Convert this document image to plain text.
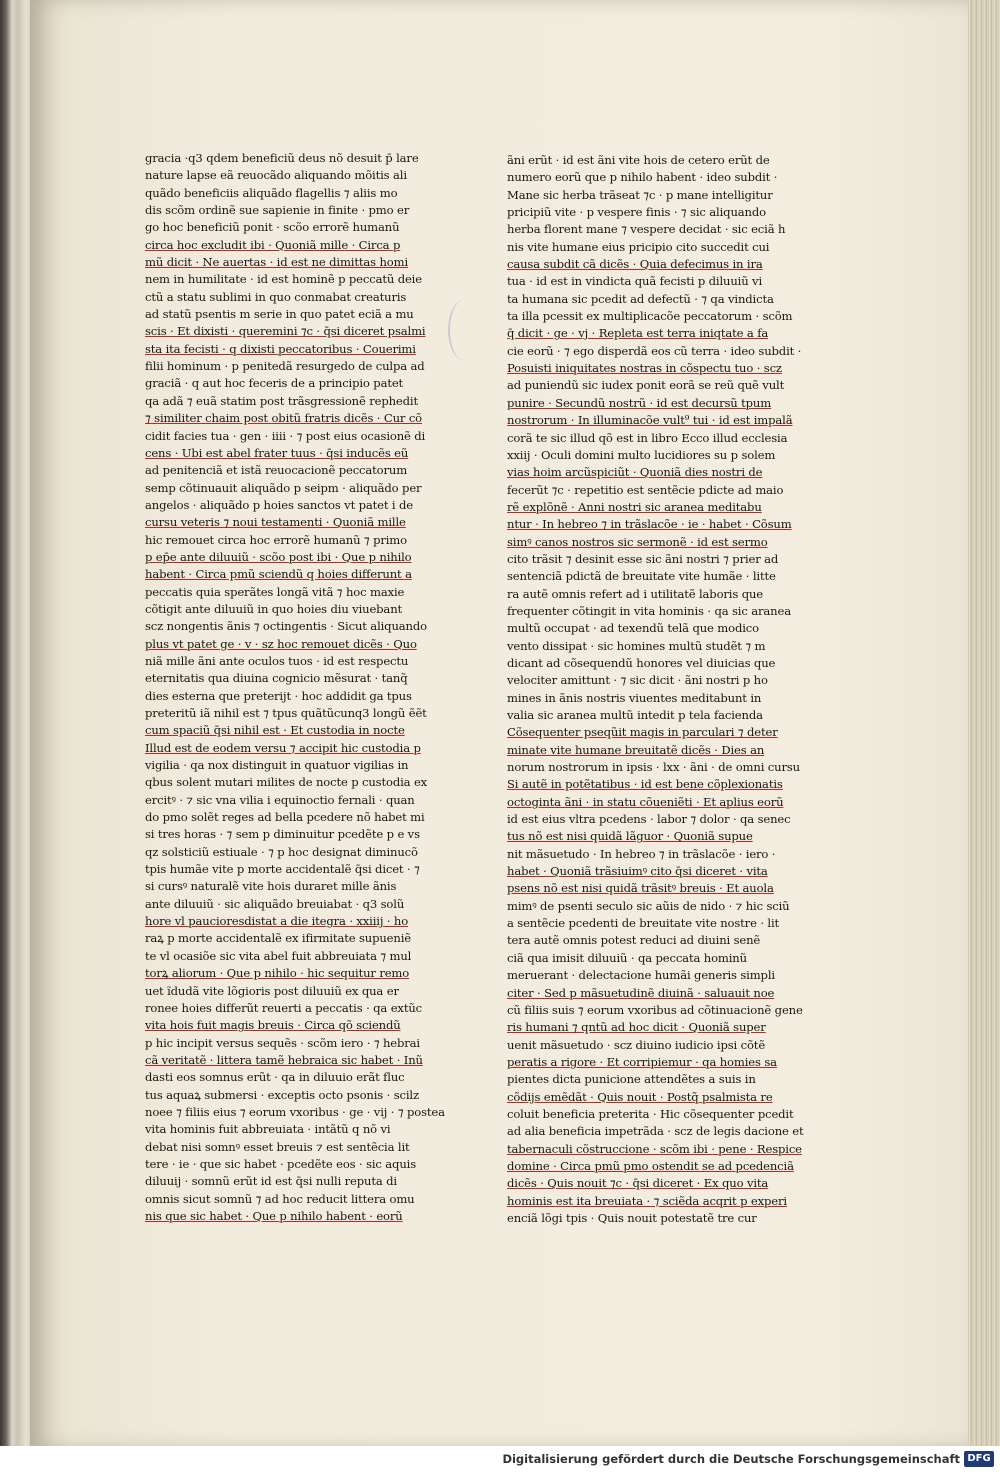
gracia ·q3 qdem beneficiũ deus nõ desuit p̄ lare
nature lapse eã reuocãdo aliquando mõitis ali
quãdo beneficiis aliquãdo flagellis ⁊ aliis mo
dis scõm ordinẽ sue sapienie in finite · pmo er
go hoc beneficiũ ponit · scõo errorẽ humanũ
circa hoc excludit ibi · Quoniã mille · Circa p
mũ dicit · Ne auertas · id est ne dimittas homi
nem in humilitate · id est hominẽ p peccatũ deie
ctũ a statu sublimi in quo conmabat creaturis
ad statũ psentis m serie in quo patet eciã a mu
scis · Et dixisti · queremini ⁊c · q̄si diceret psalmi
sta ita fecisti · q dixisti peccatoribus · Couerimi
filii hominum · p penitedã resurgedo de culpa ad
graciã · q aut hoc feceris de a principio patet
qa adã ⁊ euã statim post trãsgressionẽ rephedit
⁊ similiter chaim post obitũ fratris dicẽs · Cur cõ
cidit facies tua · gen · iiii · ⁊ post eius ocasionẽ di
cens · Ubi est abel frater tuus · q̄si inducẽs eũ
ad penitenciã et istã reuocacionẽ peccatorum
semp cõtinuauit aliquãdo p seipm · aliquãdo per
angelos · aliquãdo p hoies sanctos vt patet i de
cursu veteris ⁊ noui testamenti · Quoniã mille
hic remouet circa hoc errorẽ humanũ ⁊ primo
p ep̄e ante diluuiũ · scõo post ibi · Que p nihilo
habent · Circa pmũ sciendũ q hoies differunt a
peccatis quia sperãtes longã vitã ⁊ hoc maxie
cõtigit ante diluuiũ in quo hoies diu viuebant
scz nongentis ãnis ⁊ octingentis · Sicut aliquando
plus vt patet ge · v · sz hoc remouet dicẽs · Quo
niã mille ãni ante oculos tuos · id est respectu
eternitatis qua diuina cognicio mẽsurat · tanq̃
dies esterna que preterijt · hoc addidit ga tpus
preteritũ iã nihil est ⁊ tpus quãtũcunq3 longũ ẽẽt
cum spaciũ q̄si nihil est · Et custodia in nocte
Illud est de eodem versu ⁊ accipit hic custodia p
vigilia · qa nox distinguit in quatuor vigilias in
qbus solent mutari milites de nocte p custodia ex
ercitꝰ · ⁊ sic vna vilia i equinoctio fernali · quan
do pmo solẽt reges ad bella pcedere nõ habet mi
si tres horas · ⁊ sem p diminuitur pcedẽte p e vs
qz solsticiũ estiuale · ⁊ p hoc designat diminucõ
tpis humãe vite p morte accidentalẽ q̄si dicet · ⁊
si cursꝰ naturalẽ vite hois duraret mille ãnis
ante diluuiũ · sic aliquãdo breuiabat · q3 solũ
hore vl paucioresdistat a die itegra · xxiiij · ho
raꝝ p morte accidentalẽ ex ifirmitate supueniẽ
te vl ocasiõe sic vita abel fuit abbreuiata ⁊ mul
torꝝ aliorum · Que p nihilo · hic sequitur remo
uet ĩdudã vite lõgioris post diluuiũ ex qua er
ronee hoies differũt reuerti a peccatis · qa extũc
vita hois fuit magis breuis · Circa qõ sciendũ
p hic incipit versus sequẽs · scõm iero · ⁊ hebrai
cã veritatẽ · littera tamẽ hebraica sic habet · Inũ
dasti eos somnus erũt · qa in diluuio erãt fluc
tus aquaꝝ submersi · exceptis octo psonis · scilz
noee ⁊ filiis eius ⁊ eorum vxoribus · ge · vij · ⁊ postea
vita hominis fuit abbreuiata · intãtũ q nõ vi
debat nisi somnꝰ esset breuis ⁊ est sentẽcia lit
tere · ie · que sic habet · pcedẽte eos · sic aquis
diluuij · somnũ erũt id est q̄si nulli reputa di
omnis sicut somnũ ⁊ ad hoc reducit littera omu
nis que sic habet · Que p nihilo habent · eorũ
ãni erũt · id est ãni vite hois de cetero erũt de
numero eorũ que p nihilo habent · ideo subdit ·
Mane sic herba trãseat ⁊c · p mane intelligitur
pricipiũ vite · p vespere finis · ⁊ sic aliquando
herba florent mane ⁊ vespere decidat · sic eciã h
nis vite humane eius pricipio cito succedit cui
causa subdit cã dicẽs · Quia defecimus in ira
tua · id est in vindicta quã fecisti p diluuiũ vi
ta humana sic pcedit ad defectũ · ⁊ qa vindicta
ta illa pcessit ex multiplicacõe peccatorum · scõm
q̄ dicit · ge · vj · Repleta est terra iniqtate a fa
cie eorũ · ⁊ ego disperdã eos cũ terra · ideo subdit ·
Posuisti iniquitates nostras in cõspectu tuo · scz
ad puniendũ sic iudex ponit eorã se reũ quẽ vult
punire · Secundũ nostrũ · id est decursũ tpum
nostrorum · In illuminacõe vult⁹ tui · id est impalã
corã te sic illud qõ est in libro Ecco illud ecclesia
xxiij · Oculi domini multo lucidiores su p solem
vias hoim arcũspiciũt · Quoniã dies nostri de
fecerũt ⁊c · repetitio est sentẽcie pdicte ad maio
rẽ explõnẽ · Anni nostri sic aranea meditabu
ntur · In hebreo ⁊ in trãslacõe · ie · habet · Cõsum
simꝰ canos nostros sic sermonẽ · id est sermo
cito trãsit ⁊ desinit esse sic ãni nostri ⁊ prier ad
sentenciã pdictã de breuitate vite humãe · litte
ra autẽ omnis refert ad i utilitatẽ laboris que
frequenter cõtingit in vita hominis · qa sic aranea
multũ occupat · ad texendũ telã que modico
vento dissipat · sic homines multũ studẽt ⁊ m
dicant ad cõsequendũ honores vel diuicias que
velociter amittunt · ⁊ sic dicit · ãni nostri p ho
mines in ãnis nostris viuentes meditabunt in
valia sic aranea multũ intedit p tela facienda
Cõsequenter pseqũit magis in parculari ⁊ deter
minate vite humane breuitatẽ dicẽs · Dies an
norum nostrorum in ipsis · lxx · ãni · de omni cursu
Si autẽ in potẽtatibus · id est bene cõplexionatis
octoginta ãni · in statu cõueniẽti · Et aplius eorũ
id est eius vltra pcedens · labor ⁊ dolor · qa senec
tus nõ est nisi quidã lãguor · Quoniã supue
nit mãsuetudo · In hebreo ⁊ in trãslacõe · iero ·
habet · Quoniã trãsiuimꝰ cito q̄si diceret · vita
psens nõ est nisi quidã trãsitꝰ breuis · Et auola
mimꝰ de psenti seculo sic aũis de nido · ⁊ hic sciũ
a sentẽcie pcedenti de breuitate vite nostre · lit
tera autẽ omnis potest reduci ad diuini senẽ
ciã qua imisit diluuiũ · qa peccata hominũ
meruerant · delectacione humãi generis simpli
citer · Sed p mãsuetudinẽ diuinã · saluauit noe
cũ filiis suis ⁊ eorum vxoribus ad cõtinuacionẽ gene
ris humani ⁊ qntũ ad hoc dicit · Quoniã super
uenit mãsuetudo · scz diuino iudicio ipsi cõtẽ
peratis a rigore · Et corripiemur · qa homies sa
pientes dicta punicione attendẽtes a suis in
cõdijs emẽdãt · Quis nouit · Postq̃ psalmista re
coluit beneficia preterita · Hic cõsequenter pcedit
ad alia beneficia impetrãda · scz de legis dacione et
tabernaculi cõstruccione · scõm ibi · pene · Respice
domine · Circa pmũ pmo ostendit se ad pcedenciã
dicẽs · Quis nouit ⁊c · q̄si diceret · Ex quo vita
hominis est ita breuiata · ⁊ sciẽda acqrit p experi
enciã lõgi tpis · Quis nouit potestatẽ tre cur
Digitalisierung gefördert durch die Deutsche Forschungsgemeinschaft DFG
